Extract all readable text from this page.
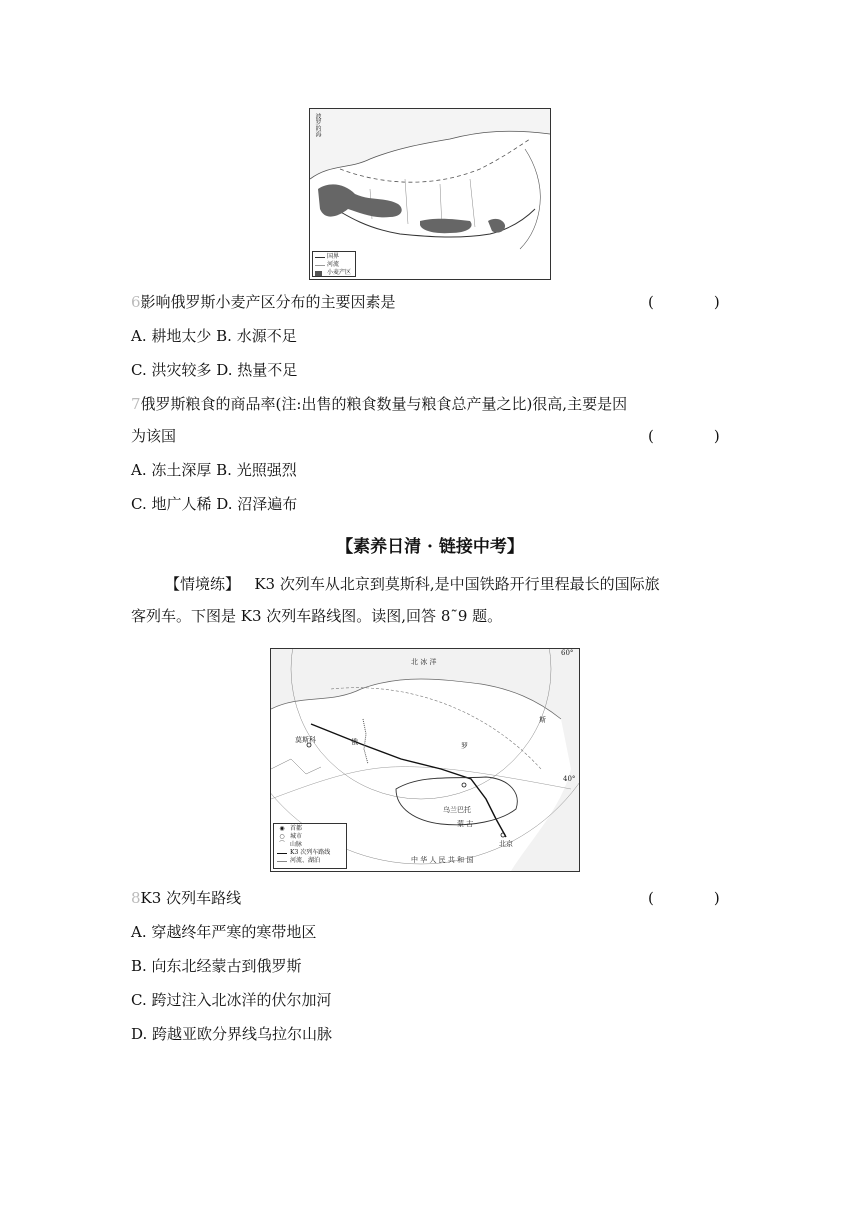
波罗的海
国界
河流
小麦产区
6影响俄罗斯小麦产区分布的主要因素是	(　　　　)
A. 耕地太少 B. 水源不足
C. 洪灾较多 D. 热量不足
7俄罗斯粮食的商品率(注:出售的粮食数量与粮食总产量之比)很高,主要是因
为该国	(　　　　)
A. 冻土深厚 B. 光照强烈
C. 地广人稀 D. 沼泽遍布
【素养日清 · 链接中考】
【情境练】 K3 次列车从北京到莫斯科,是中国铁路开行里程最长的国际旅
客列车。下图是 K3 次列车路线图。读图,回答 8˜9 题。
北 冰 洋
60°
莫斯科	俄	罗
斯
40°
乌兰巴托
蒙 古
北京
中 华 人 民 共 和 国
◉ 首都
○ 城市
⌒ 山脉
K3 次列车路线
河流、湖泊
8K3 次列车路线	(　　　　)
A. 穿越终年严寒的寒带地区
B. 向东北经蒙古到俄罗斯
C. 跨过注入北冰洋的伏尔加河
D. 跨越亚欧分界线乌拉尔山脉
